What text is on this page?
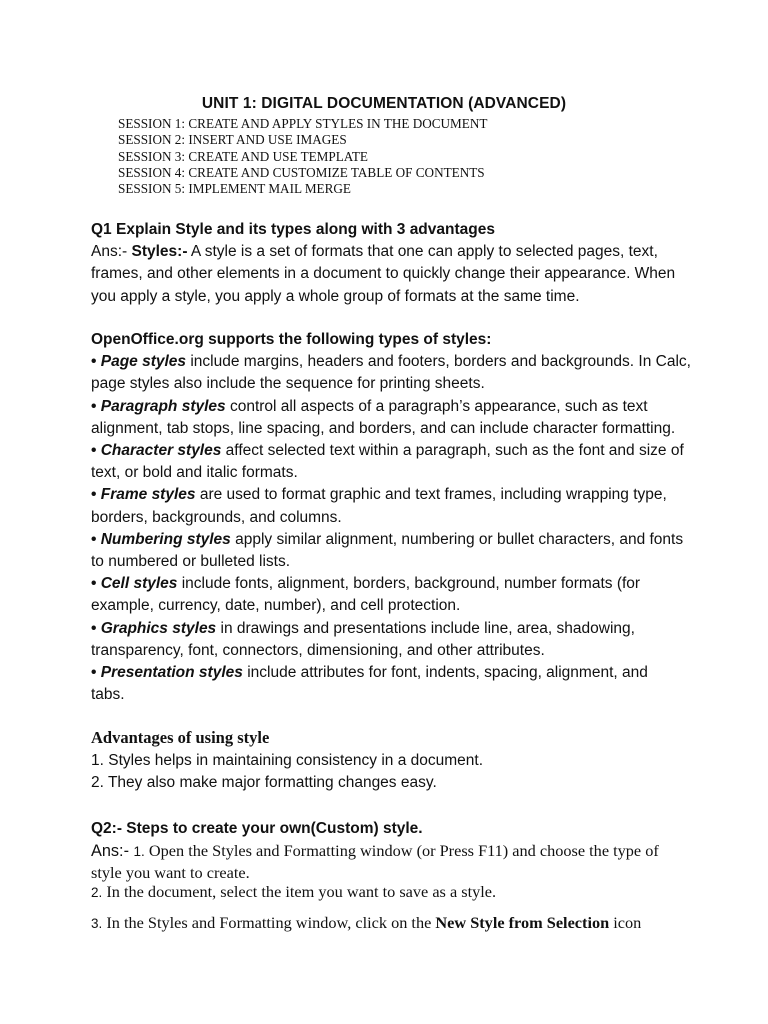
UNIT 1: DIGITAL DOCUMENTATION (ADVANCED)
SESSION 1: CREATE AND APPLY STYLES IN THE DOCUMENT
SESSION 2: INSERT AND USE IMAGES
SESSION 3: CREATE AND USE TEMPLATE
SESSION 4: CREATE AND CUSTOMIZE TABLE OF CONTENTS
SESSION 5: IMPLEMENT MAIL MERGE

Q1 Explain Style and its types along with 3 advantages

Ans:- Styles:- A style is a set of formats that one can apply to selected pages, text,

frames, and other elements in a document to quickly change their appearance. When

you apply a style, you apply a whole group of formats at the same time.

OpenOffice.org supports the following types of styles:

• Page styles include margins, headers and footers, borders and backgrounds. In Calc,

page styles also include the sequence for printing sheets.

• Paragraph styles control all aspects of a paragraph’s appearance, such as text

alignment, tab stops, line spacing, and borders, and can include character formatting.

• Character styles affect selected text within a paragraph, such as the font and size of

text, or bold and italic formats.

• Frame styles are used to format graphic and text frames, including wrapping type,

borders, backgrounds, and columns.

• Numbering styles apply similar alignment, numbering or bullet characters, and fonts

to numbered or bulleted lists.

• Cell styles include fonts, alignment, borders, background, number formats (for

example, currency, date, number), and cell protection.

• Graphics styles in drawings and presentations include line, area, shadowing,

transparency, font, connectors, dimensioning, and other attributes.

• Presentation styles include attributes for font, indents, spacing, alignment, and

tabs.

Advantages of using style

1. Styles helps in maintaining consistency in a document.

2. They also make major formatting changes easy.

Q2:- Steps to create your own(Custom) style.

Ans:- 1. Open the Styles and Formatting window (or Press F11) and choose the type of

style you want to create.

2. In the document, select the item you want to save as a style.

3. In the Styles and Formatting window, click on the New Style from Selection icon
